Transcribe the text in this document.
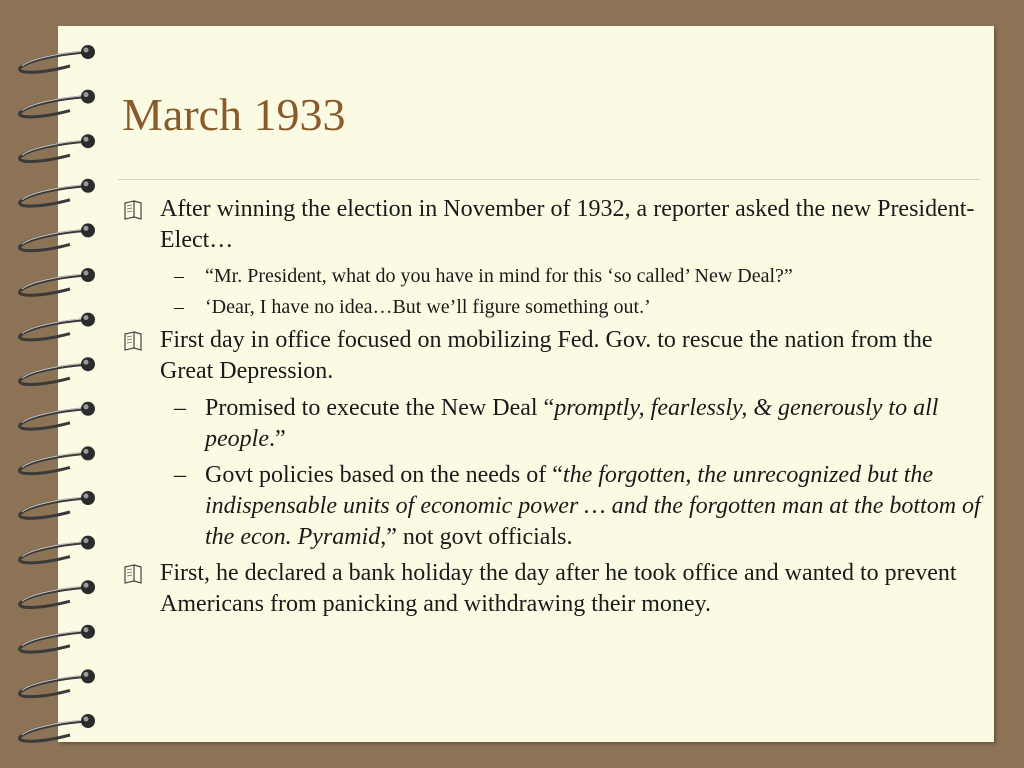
March 1933
After winning the election in November of 1932, a reporter asked the new President-Elect…
– “Mr. President, what do you have in mind for this ‘so called’ New Deal?”
– ‘Dear, I have no idea…But we’ll figure something out.’
First day in office focused on mobilizing Fed. Gov. to rescue the nation from the Great Depression.
– Promised to execute the New Deal “promptly, fearlessly, & generously to all people.”
– Govt policies based on the needs of “the forgotten, the unrecognized but the indispensable units of economic power … and the forgotten man at the bottom of the econ. Pyramid,” not govt officials.
First, he declared a bank holiday the day after he took office and wanted to prevent Americans from panicking and withdrawing their money.
